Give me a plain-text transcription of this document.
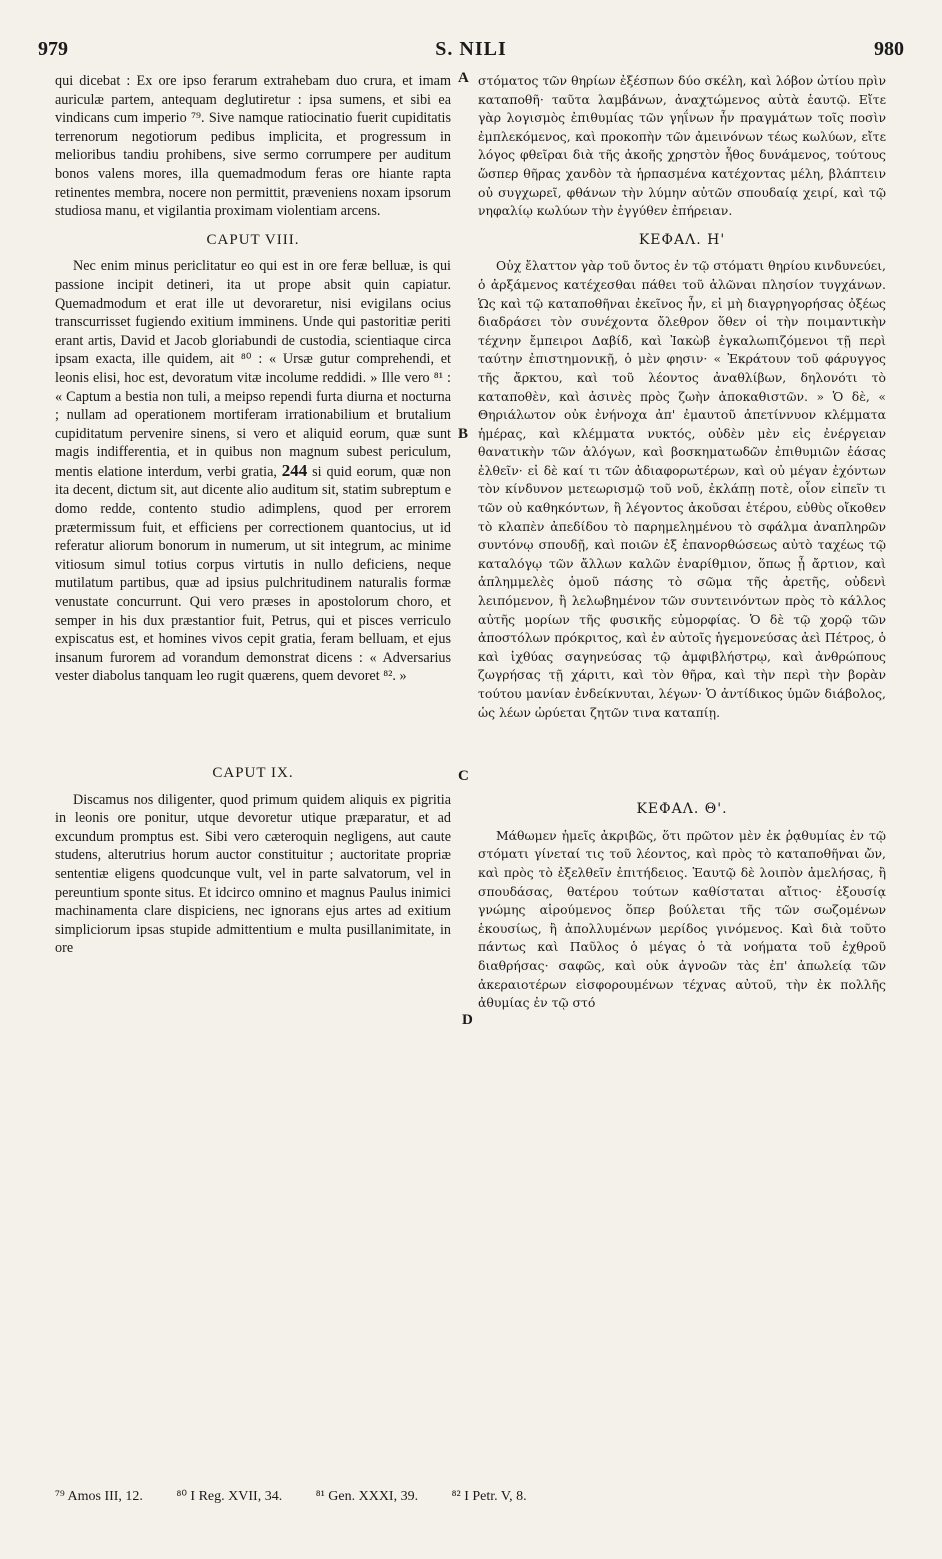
979	S. NILI	980
A
B
C
D

qui dicebat : Ex ore ipso ferarum extrahebam duo crura, et imam auriculæ partem, antequam deglutiretur : ipsa sumens, et sibi ea vindicans cum imperio ⁷⁹. Sive namque ratiocinatio fuerit cupiditatis terrenorum negotiorum pedibus implicita, et progressum in melioribus tandiu prohibens, sive sermo corrumpere per auditum bonos valens mores, illa quemadmodum feras ore hiante rapta retinentes membra, nocere non permittit, præveniens noxam ipsorum studiosa manu, et vigilantia proximam violentiam arcens.

CAPUT VIII.

Nec enim minus periclitatur eo qui est in ore feræ belluæ, is qui passione incipit detineri, ita ut prope absit quin capiatur. Quemadmodum et erat ille ut devoraretur, nisi evigilans ocius transcurrisset fugiendo exitium imminens. Unde qui pastoritiæ periti erant artis, David et Jacob gloriabundi de custodia, scientiaque circa ipsam exacta, ille quidem, ait ⁸⁰ : « Ursæ gutur comprehendi, et leonis elisi, hoc est, devoratum vitæ incolume reddidi. » Ille vero ⁸¹ : « Captum a bestia non tuli, a meipso rependi furta diurna et nocturna ; nullam ad operationem mortiferam irrationabilium et brutalium cupiditatum pervenire sinens, si vero et aliquid eorum, quæ sunt magis indifferentia, et in quibus non magnum subest periculum, mentis elatione interdum, verbi gratia, 244 si quid eorum, quæ non ita decent, dictum sit, aut dicente alio auditum sit, statim subreptum e domo redde, contento studio adimplens, quod per errorem prætermissum fuit, et efficiens per correctionem quantocius, ut id referatur aliorum bonorum in numerum, ut sit integrum, ac minime vitiosum simul totius corpus virtutis in nullo deficiens, neque mutilatum partibus, quæ ad ipsius pulchritudinem naturalis formæ venustate concurrunt. Qui vero præses in apostolorum choro, et semper in his dux præstantior fuit, Petrus, qui et pisces verriculo expiscatus est, et homines vivos cepit gratia, feram belluam, et ejus insanum furorem ad vorandum demonstrat dicens : « Adversarius vester diabolus tanquam leo rugit quærens, quem devoret ⁸². »

CAPUT IX.

Discamus nos diligenter, quod primum quidem aliquis ex pigritia in leonis ore ponitur, utque devoretur utique præparatur, et ad excundum promptus est. Sibi vero cæteroquin negligens, aut caute studens, alterutrius horum auctor constituitur ; auctoritate propriæ sententiæ eligens quodcunque vult, vel in parte salvatorum, vel in pereuntium sponte situs. Et idcirco omnino et magnus Paulus inimici machinamenta clare dispiciens, nec ignorans ejus artes ad exitium simpliciorum ipsas stupide admittentium e multa pusillanimitate, in ore

στόματος τῶν θηρίων ἐξέσπων δύο σκέλη, καὶ λόβον ὠτίου πρὶν καταποθῆ· ταῦτα λαμβάνων, ἀναχτώμενος αὐτὰ ἑαυτῷ. Εἴτε γὰρ λογισμὸς ἐπιθυμίας τῶν γηΐνων ἦν πραγμάτων τοῖς ποσὶν ἐμπλεκόμενος, καὶ προκοπὴν τῶν ἀμεινόνων τέως κωλύων, εἴτε λόγος φθεῖραι διὰ τῆς ἀκοῆς χρηστὸν ἦθος δυνάμενος, τούτους ὥσπερ θῆρας χανδὸν τὰ ἡρπασμένα κατέχοντας μέλη, βλάπτειν οὐ συγχωρεῖ, φθάνων τὴν λύμην αὐτῶν σπουδαίᾳ χειρί, καὶ τῷ νηφαλίῳ κωλύων τὴν ἐγγύθεν ἐπήρειαν.

ΚΕΦΑΛ. Η'

Οὐχ ἔλαττον γὰρ τοῦ ὄντος ἐν τῷ στόματι θηρίου κινδυνεύει, ὁ ἀρξάμενος κατέχεσθαι πάθει τοῦ ἁλῶναι πλησίον τυγχάνων. Ὡς καὶ τῷ καταποθῆναι ἐκεῖνος ἦν, εἰ μὴ διαγρηγορήσας ὀξέως διαδράσει τὸν συνέχοντα ὄλεθρον ὅθεν οἱ τὴν ποιμαντικὴν τέχνην ἔμπειροι Δαβίδ, καὶ Ἰακὼβ ἐγκαλωπιζόμενοι τῇ περὶ ταύτην ἐπιστημονικῇ, ὁ μὲν φησιν· « Ἐκράτουν τοῦ φάρυγγος τῆς ἄρκτου, καὶ τοῦ λέοντος ἀναθλίβων, δηλονότι τὸ καταποθὲν, καὶ ἀσινὲς πρὸς ζωὴν ἀποκαθιστῶν. » Ὁ δὲ, « Θηριάλωτον οὐκ ἐνήνοχα ἀπ' ἐμαυτοῦ ἀπετίννυον κλέμματα ἡμέρας, καὶ κλέμματα νυκτός, οὐδὲν μὲν εἰς ἐνέργειαν θανατικὴν τῶν ἀλόγων, καὶ βοσκηματωδῶν ἐπιθυμιῶν ἐάσας ἐλθεῖν· εἰ δὲ καί τι τῶν ἀδιαφορωτέρων, καὶ οὐ μέγαν ἐχόντων τὸν κίνδυνον μετεωρισμῷ τοῦ νοῦ, ἐκλάπῃ ποτὲ, οἷον εἰπεῖν τι τῶν οὐ καθηκόντων, ἢ λέγοντος ἀκοῦσαι ἑτέρου, εὐθὺς οἴκοθεν τὸ κλαπὲν ἀπεδίδου τὸ παρημελημένου τὸ σφάλμα ἀναπληρῶν συντόνῳ σπουδῇ, καὶ ποιῶν ἐξ ἐπανορθώσεως αὐτὸ ταχέως τῷ καταλόγῳ τῶν ἄλλων καλῶν ἐναρίθμιον, ὅπως ᾖ ἄρτιον, καὶ ἀπλημμελὲς ὁμοῦ πάσης τὸ σῶμα τῆς ἀρετῆς, οὐδενὶ λειπόμενον, ἢ λελωβημένον τῶν συντεινόντων πρὸς τὸ κάλλος αὐτῆς μορίων τῆς φυσικῆς εὐμορφίας. Ὁ δὲ τῷ χορῷ τῶν ἀποστόλων πρόκριτος, καὶ ἐν αὐτοῖς ἡγεμονεύσας ἀεὶ Πέτρος, ὁ καὶ ἰχθύας σαγηνεύσας τῷ ἀμφιβλήστρῳ, καὶ ἀνθρώπους ζωγρήσας τῇ χάριτι, καὶ τὸν θῆρα, καὶ τὴν περὶ τὴν βορὰν τούτου μανίαν ἐνδείκνυται, λέγων· Ὁ ἀντίδικος ὑμῶν διάβολος, ὡς λέων ὠρύεται ζητῶν τινα καταπίῃ.

ΚΕΦΑΛ. Θ'.

Μάθωμεν ἡμεῖς ἀκριβῶς, ὅτι πρῶτον μὲν ἐκ ῥᾳθυμίας ἐν τῷ στόματι γίνεταί τις τοῦ λέοντος, καὶ πρὸς τὸ καταποθῆναι ὤν, καὶ πρὸς τὸ ἐξελθεῖν ἐπιτήδειος. Ἑαυτῷ δὲ λοιπὸν ἀμελήσας, ἢ σπουδάσας, θατέρου τούτων καθίσταται αἴτιος· ἐξουσίᾳ γνώμης αἱρούμενος ὅπερ βούλεται τῆς τῶν σωζομένων ἑκουσίως, ἢ ἀπολλυμένων μερίδος γινόμενος. Καὶ διὰ τοῦτο πάντως καὶ Παῦλος ὁ μέγας ὁ τὰ νοήματα τοῦ ἐχθροῦ διαθρήσας· σαφῶς, καὶ οὐκ ἀγνοῶν τὰς ἐπ' ἀπωλείᾳ τῶν ἀκεραιοτέρων εἰσφορουμένων τέχνας αὐτοῦ, τὴν ἐκ πολλῆς ἀθυμίας ἐν τῷ στό

⁷⁹ Amos III, 12. ⁸⁰ I Reg. XVII, 34. ⁸¹ Gen. XXXI, 39. ⁸² I Petr. V, 8.
